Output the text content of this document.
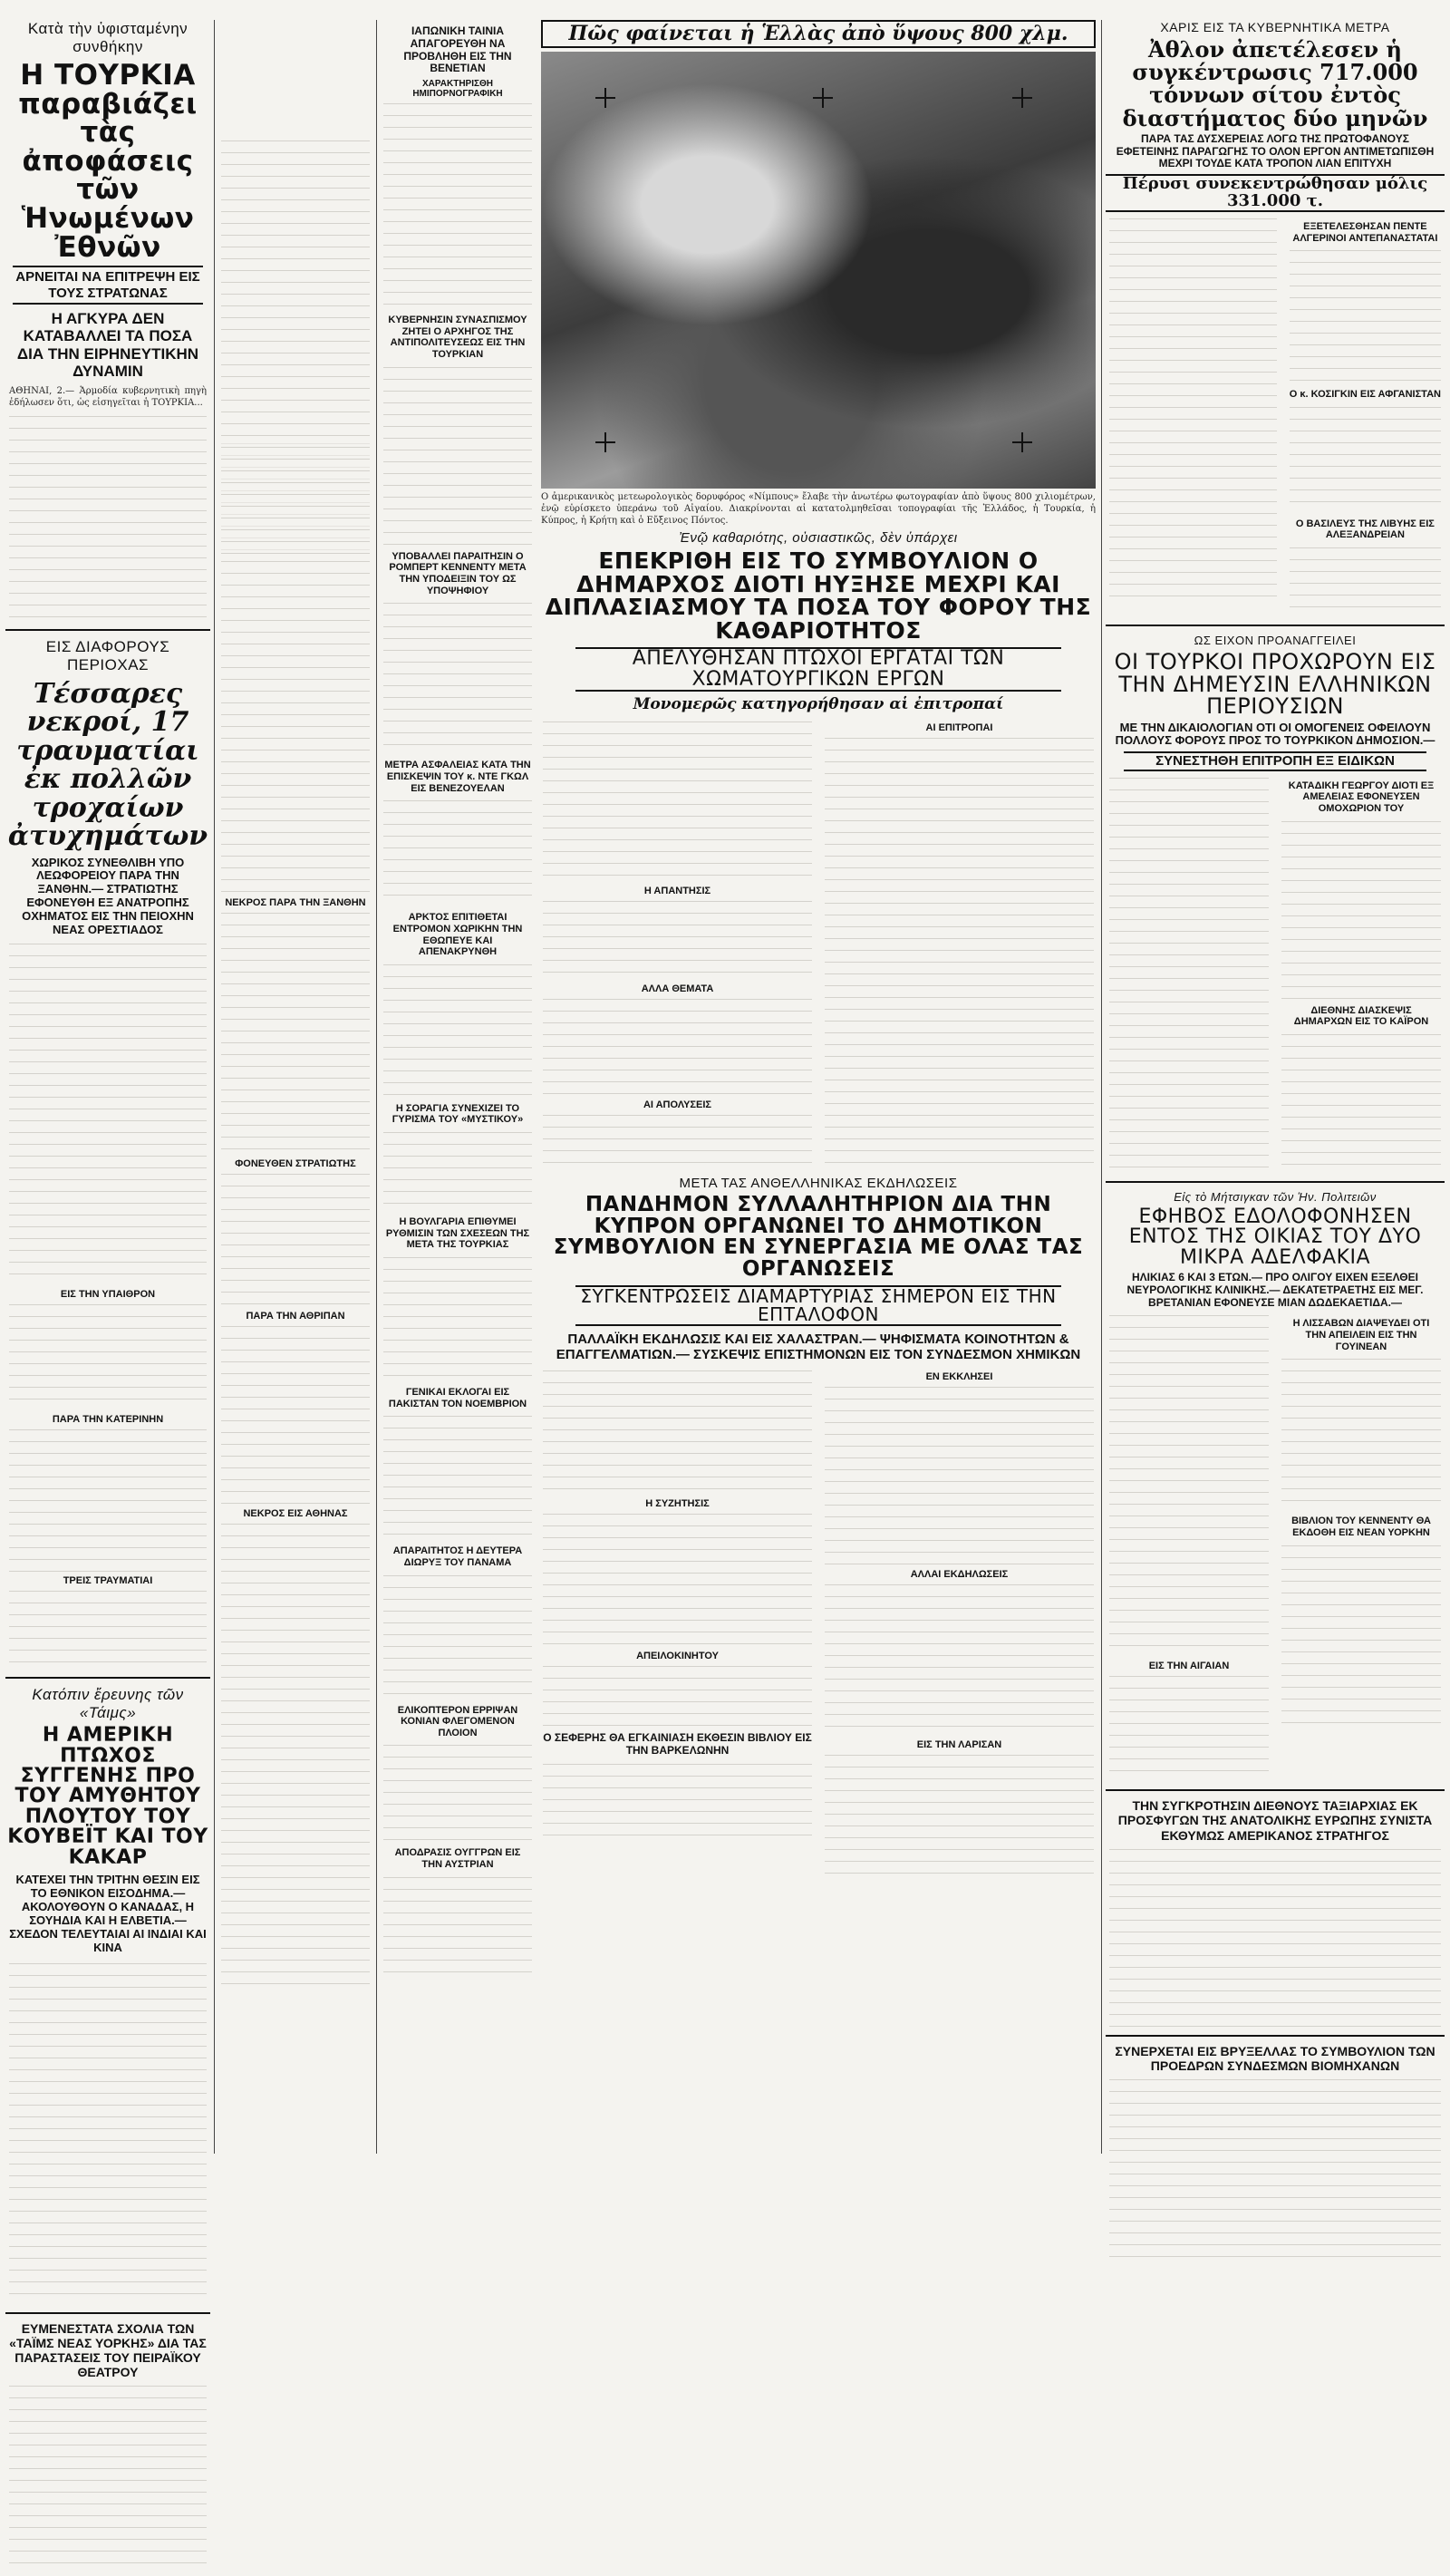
Κατὰ τὴν ὑφισταμένην συνθήκην
Η ΤΟΥΡΚΙΑ παραβιάζει τὰς ἀποφάσεις τῶν Ἡνωμένων Ἐθνῶν
ΑΡΝΕΙΤΑΙ ΝΑ ΕΠΙΤΡΕΨΗ ΕΙΣ ΤΟΥΣ ΣΤΡΑΤΩΝΑΣ
Η ΑΓΚΥΡΑ ΔΕΝ ΚΑΤΑΒΑΛΛΕΙ ΤΑ ΠΟΣΑ ΔΙΑ ΤΗΝ ΕΙΡΗΝΕΥΤΙΚΗΝ ΔΥΝΑΜΙΝ
ΑΘΗΝΑΙ, 2.— Ἁρμοδία κυβερνητικὴ πηγὴ ἐδήλωσεν ὅτι, ὡς εἰσηγεῖται ἡ ΤΟΥΡΚΙΑ...
ΕΙΣ ΔΙΑΦΟΡΟΥΣ ΠΕΡΙΟΧΑΣ
Τέσσαρες νεκροί, 17 τραυματίαι ἐκ πολλῶν τροχαίων ἀτυχημάτων
ΧΩΡΙΚΟΣ ΣΥΝΕΘΛΙΒΗ ΥΠΟ ΛΕΩΦΟΡΕΙΟΥ ΠΑΡΑ ΤΗΝ ΞΑΝΘΗΝ.— ΣΤΡΑΤΙΩΤΗΣ ΕΦΟΝΕΥΘΗ ΕΞ ΑΝΑΤΡΟΠΗΣ ΟΧΗΜΑΤΟΣ ΕΙΣ ΤΗΝ ΠΕΙΟΧΗΝ ΝΕΑΣ ΟΡΕΣΤΙΑΔΟΣ
ΕΙΣ ΤΗΝ ΥΠΑΙΘΡΟΝ
ΠΑΡΑ ΤΗΝ ΚΑΤΕΡΙΝΗΝ
ΤΡΕΙΣ ΤΡΑΥΜΑΤΙΑΙ
Κατόπιν ἔρευνης τῶν «Τάιμς»
Η ΑΜΕΡΙΚΗ ΠΤΩΧΟΣ ΣΥΓΓΕΝΗΣ ΠΡΟ ΤΟΥ ΑΜΥΘΗΤΟΥ ΠΛΟΥΤΟΥ ΤΟΥ ΚΟΥΒΕΪΤ ΚΑΙ ΤΟΥ ΚΑΚΑΡ
ΚΑΤΕΧΕΙ ΤΗΝ ΤΡΙΤΗΝ ΘΕΣΙΝ ΕΙΣ ΤΟ ΕΘΝΙΚΟΝ ΕΙΣΟΔΗΜΑ.—ΑΚΟΛΟΥΘΟΥΝ Ο ΚΑΝΑΔΑΣ, Η ΣΟΥΗΔΙΑ ΚΑΙ Η ΕΛΒΕΤΙΑ.— ΣΧΕΔΟΝ ΤΕΛΕΥΤΑΙΑΙ ΑΙ ΙΝΔΙΑΙ ΚΑΙ ΚΙΝΑ
ΕΥΜΕΝΕΣΤΑΤΑ ΣΧΟΛΙΑ ΤΩΝ «ΤΑΪΜΣ ΝΕΑΣ ΥΟΡΚΗΣ» ΔΙΑ ΤΑΣ ΠΑΡΑΣΤΑΣΕΙΣ ΤΟΥ ΠΕΙΡΑΪΚΟΥ ΘΕΑΤΡΟΥ
ΝΕΚΡΟΣ ΠΑΡΑ ΤΗΝ ΞΑΝΘΗΝ
ΦΟΝΕΥΘΕΝ ΣΤΡΑΤΙΩΤΗΣ
ΠΑΡΑ ΤΗΝ ΑΘΡΙΠΑΝ
ΝΕΚΡΟΣ ΕΙΣ ΑΘΗΝΑΣ
ΙΑΠΩΝΙΚΗ ΤΑΙΝΙΑ ΑΠΑΓΟΡΕΥΘΗ ΝΑ ΠΡΟΒΛΗΘΗ ΕΙΣ ΤΗΝ ΒΕΝΕΤΙΑΝ
ΧΑΡΑΚΤΗΡΙΣΘΗ ΗΜΙΠΟΡΝΟΓΡΑΦΙΚΗ
ΚΥΒΕΡΝΗΣΙΝ ΣΥΝΑΣΠΙΣΜΟΥ ΖΗΤΕΙ Ο ΑΡΧΗΓΟΣ ΤΗΣ ΑΝΤΙΠΟΛΙΤΕΥΣΕΩΣ ΕΙΣ ΤΗΝ ΤΟΥΡΚΙΑΝ
ΥΠΟΒΑΛΛΕΙ ΠΑΡΑΙΤΗΣΙΝ Ο ΡΟΜΠΕΡΤ ΚΕΝΝΕΝΤΥ ΜΕΤΑ ΤΗΝ ΥΠΟΔΕΙΞΙΝ ΤΟΥ ΩΣ ΥΠΟΨΗΦΙΟΥ
ΜΕΤΡΑ ΑΣΦΑΛΕΙΑΣ ΚΑΤΑ ΤΗΝ ΕΠΙΣΚΕΨΙΝ ΤΟΥ κ. ΝΤΕ ΓΚΩΛ ΕΙΣ ΒΕΝΕΖΟΥΕΛΑΝ
ΑΡΚΤΟΣ ΕΠΙΤΙΘΕΤΑΙ ΕΝΤΡΟΜΟΝ ΧΩΡΙΚΗΝ ΤΗΝ ΕΘΩΠΕΥΕ ΚΑΙ ΑΠΕΝΑΚΡΥΝΘΗ
Η ΣΟΡΑΓΙΑ ΣΥΝΕΧΙΖΕΙ ΤΟ ΓΥΡΙΣΜΑ ΤΟΥ «ΜΥΣΤΙΚΟΥ»
Η ΒΟΥΛΓΑΡΙΑ ΕΠΙΘΥΜΕΙ ΡΥΘΜΙΣΙΝ ΤΩΝ ΣΧΕΣΕΩΝ ΤΗΣ ΜΕΤΑ ΤΗΣ ΤΟΥΡΚΙΑΣ
ΓΕΝΙΚΑΙ ΕΚΛΟΓΑΙ ΕΙΣ ΠΑΚΙΣΤΑΝ ΤΟΝ ΝΟΕΜΒΡΙΟΝ
ΑΠΑΡΑΙΤΗΤΟΣ Η ΔΕΥΤΕΡΑ ΔΙΩΡΥΞ ΤΟΥ ΠΑΝΑΜΑ
ΕΛΙΚΟΠΤΕΡΟΝ ΕΡΡΙΨΑΝ ΚΟΝΙΑΝ ΦΛΕΓΟΜΕΝΟΝ ΠΛΟΙΟΝ
ΑΠΟΔΡΑΣΙΣ ΟΥΓΓΡΩΝ ΕΙΣ ΤΗΝ ΑΥΣΤΡΙΑΝ
Πῶς φαίνεται ἡ Ἑλλὰς ἀπὸ ὕψους 800 χλμ.
Ο ἀμερικανικὸς μετεωρολογικὸς δορυφόρος «Νίμπους» ἔλαβε τὴν ἀνωτέρω φωτογραφίαν ἀπὸ ὕψους 800 χιλιομέτρων, ἐνῷ εὑρίσκετο ὑπεράνω τοῦ Αἰγαίου. Διακρίνονται αἱ κατατολμηθεῖσαι τοπογραφίαι τῆς Ἑλλάδος, ἡ Τουρκία, ἡ Κύπρος, ἡ Κρήτη καὶ ὁ Εὔξεινος Πόντος.
Ἐνῷ καθαριότης, οὐσιαστικῶς, δὲν ὑπάρχει
ΕΠΕΚΡΙΘΗ ΕΙΣ ΤΟ ΣΥΜΒΟΥΛΙΟΝ Ο ΔΗΜΑΡΧΟΣ ΔΙΟΤΙ ΗΥΞΗΣΕ ΜΕΧΡΙ ΚΑΙ ΔΙΠΛΑΣΙΑΣΜΟΥ ΤΑ ΠΟΣΑ ΤΟΥ ΦΟΡΟΥ ΤΗΣ ΚΑΘΑΡΙΟΤΗΤΟΣ
ΑΠΕΛΥΘΗΣΑΝ ΠΤΩΧΟΙ ΕΡΓΑΤΑΙ ΤΩΝ ΧΩΜΑΤΟΥΡΓΙΚΩΝ ΕΡΓΩΝ
Μονομερῶς κατηγορήθησαν αἱ ἐπιτροπαί
Η ΑΠΑΝΤΗΣΙΣ
ΑΛΛΑ ΘΕΜΑΤΑ
ΑΙ ΑΠΟΛΥΣΕΙΣ
ΑΙ ΕΠΙΤΡΟΠΑΙ
ΜΕΤΑ ΤΑΣ ΑΝΘΕΛΛΗΝΙΚΑΣ ΕΚΔΗΛΩΣΕΙΣ
ΠΑΝΔΗΜΟΝ ΣΥΛΛΑΛΗΤΗΡΙΟΝ ΔΙΑ ΤΗΝ ΚΥΠΡΟΝ ΟΡΓΑΝΩΝΕΙ ΤΟ ΔΗΜΟΤΙΚΟΝ ΣΥΜΒΟΥΛΙΟΝ ΕΝ ΣΥΝΕΡΓΑΣΙΑ ΜΕ ΟΛΑΣ ΤΑΣ ΟΡΓΑΝΩΣΕΙΣ
ΣΥΓΚΕΝΤΡΩΣΕΙΣ ΔΙΑΜΑΡΤΥΡΙΑΣ ΣΗΜΕΡΟΝ ΕΙΣ ΤΗΝ ΕΠΤΑΛΟΦΟΝ
ΠΑΛΛΑΪΚΗ ΕΚΔΗΛΩΣΙΣ ΚΑΙ ΕΙΣ ΧΑΛΑΣΤΡΑΝ.— ΨΗΦΙΣΜΑΤΑ ΚΟΙΝΟΤΗΤΩΝ & ΕΠΑΓΓΕΛΜΑΤΙΩΝ.— ΣΥΣΚΕΨΙΣ ΕΠΙΣΤΗΜΟΝΩΝ ΕΙΣ ΤΟΝ ΣΥΝΔΕΣΜΟΝ ΧΗΜΙΚΩΝ
Η ΣΥΖΗΤΗΣΙΣ
ΑΠΕΙΛΟΚΙΝΗΤΟΥ
Ο ΣΕΦΕΡΗΣ ΘΑ ΕΓΚΑΙΝΙΑΣΗ ΕΚΘΕΣΙΝ ΒΙΒΛΙΟΥ ΕΙΣ ΤΗΝ ΒΑΡΚΕΛΩΝΗΝ
ΕΝ ΕΚΚΛΗΣΕΙ
ΑΛΛΑΙ ΕΚΔΗΛΩΣΕΙΣ
ΕΙΣ ΤΗΝ ΛΑΡΙΣΑΝ
ΧΑΡΙΣ ΕΙΣ ΤΑ ΚΥΒΕΡΝΗΤΙΚΑ ΜΕΤΡΑ
Ἀθλον ἀπετέλεσεν ἡ συγκέντρωσις 717.000 τόννων σίτου ἐντὸς διαστήματος δύο μηνῶν
ΠΑΡΑ ΤΑΣ ΔΥΣΧΕΡΕΙΑΣ ΛΟΓΩ ΤΗΣ ΠΡΩΤΟΦΑΝΟΥΣ ΕΦΕΤΕΙΝΗΣ ΠΑΡΑΓΩΓΗΣ ΤΟ ΟΛΟΝ ΕΡΓΟΝ ΑΝΤΙΜΕΤΩΠΙΣΘΗ ΜΕΧΡΙ ΤΟΥΔΕ ΚΑΤΑ ΤΡΟΠΟΝ ΛΙΑΝ ΕΠΙΤΥΧΗ
Πέρυσι συνεκεντρώθησαν μόλις 331.000 τ.
ΕΞΕΤΕΛΕΣΘΗΣΑΝ ΠΕΝΤΕ ΑΛΓΕΡΙΝΟΙ ΑΝΤΕΠΑΝΑΣΤΑΤΑΙ
Ο κ. ΚΟΣΙΓΚΙΝ ΕΙΣ ΑΦΓΑΝΙΣΤΑΝ
Ο ΒΑΣΙΛΕΥΣ ΤΗΣ ΛΙΒΥΗΣ ΕΙΣ ΑΛΕΞΑΝΔΡΕΙΑΝ
ΩΣ ΕΙΧΟΝ ΠΡΟΑΝΑΓΓΕΙΛΕΙ
ΟΙ ΤΟΥΡΚΟΙ ΠΡΟΧΩΡΟΥΝ ΕΙΣ ΤΗΝ ΔΗΜΕΥΣΙΝ ΕΛΛΗΝΙΚΩΝ ΠΕΡΙΟΥΣΙΩΝ
ΜΕ ΤΗΝ ΔΙΚΑΙΟΛΟΓΙΑΝ ΟΤΙ ΟΙ ΟΜΟΓΕΝΕΙΣ ΟΦΕΙΛΟΥΝ ΠΟΛΛΟΥΣ ΦΟΡΟΥΣ ΠΡΟΣ ΤΟ ΤΟΥΡΚΙΚΟΝ ΔΗΜΟΣΙΟΝ.—
ΣΥΝΕΣΤΗΘΗ ΕΠΙΤΡΟΠΗ ΕΞ ΕΙΔΙΚΩΝ
ΚΑΤΑΔΙΚΗ ΓΕΩΡΓΟΥ ΔΙΟΤΙ ΕΞ ΑΜΕΛΕΙΑΣ ΕΦΟΝΕΥΣΕΝ ΟΜΟΧΩΡΙΟΝ ΤΟΥ
ΔΙΕΘΝΗΣ ΔΙΑΣΚΕΨΙΣ ΔΗΜΑΡΧΩΝ ΕΙΣ ΤΟ ΚΑΪΡΟΝ
Εἰς τὸ Μήτσιγκαν τῶν Ἡν. Πολιτειῶν
ΕΦΗΒΟΣ ΕΔΟΛΟΦΟΝΗΣΕΝ ΕΝΤΟΣ ΤΗΣ ΟΙΚΙΑΣ ΤΟΥ ΔΥΟ ΜΙΚΡΑ ΑΔΕΛΦΑΚΙΑ
ΗΛΙΚΙΑΣ 6 ΚΑΙ 3 ΕΤΩΝ.— ΠΡΟ ΟΛΙΓΟΥ ΕΙΧΕΝ ΕΞΕΛΘΕΙ ΝΕΥΡΟΛΟΓΙΚΗΣ ΚΛΙΝΙΚΗΣ.— ΔΕΚΑΤΕΤΡΑΕΤΗΣ ΕΙΣ ΜΕΓ. ΒΡΕΤΑΝΙΑΝ ΕΦΟΝΕΥΣΕ ΜΙΑΝ ΔΩΔΕΚΑΕΤΙΔΑ.—
ΕΙΣ ΤΗΝ ΑΙΓΑΙΑΝ
Η ΛΙΣΣΑΒΩΝ ΔΙΑΨΕΥΔΕΙ ΟΤΙ ΤΗΝ ΑΠΕΙΛΕΙΝ ΕΙΣ ΤΗΝ ΓΟΥΙΝΕΑΝ
ΒΙΒΛΙΟΝ ΤΟΥ ΚΕΝΝΕΝΤΥ ΘΑ ΕΚΔΟΘΗ ΕΙΣ ΝΕΑΝ ΥΟΡΚΗΝ
ΤΗΝ ΣΥΓΚΡΟΤΗΣΙΝ ΔΙΕΘΝΟΥΣ ΤΑΞΙΑΡΧΙΑΣ ΕΚ ΠΡΟΣΦΥΓΩΝ ΤΗΣ ΑΝΑΤΟΛΙΚΗΣ ΕΥΡΩΠΗΣ ΣΥΝΙΣΤΑ ΕΚΘΥΜΩΣ ΑΜΕΡΙΚΑΝΟΣ ΣΤΡΑΤΗΓΟΣ
ΣΥΝΕΡΧΕΤΑΙ ΕΙΣ ΒΡΥΞΕΛΛΑΣ ΤΟ ΣΥΜΒΟΥΛΙΟΝ ΤΩΝ ΠΡΟΕΔΡΩΝ ΣΥΝΔΕΣΜΩΝ ΒΙΟΜΗΧΑΝΩΝ
